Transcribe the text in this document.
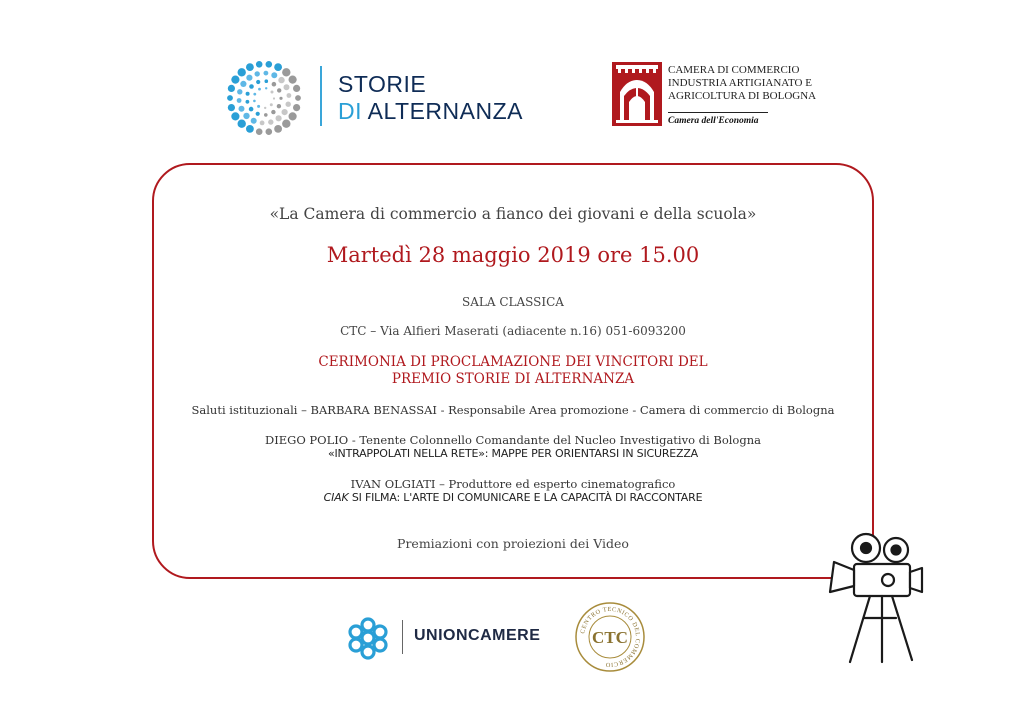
STORIE
DI ALTERNANZA
CAMERA DI COMMERCIO
INDUSTRIA ARTIGIANATO E
AGRICOLTURA DI BOLOGNA
Camera dell'Economia
«La Camera di commercio a fianco dei giovani e della scuola»
Martedì 28 maggio 2019 ore 15.00
SALA CLASSICA
CTC – Via Alfieri Maserati (adiacente n.16) 051-6093200
CERIMONIA DI PROCLAMAZIONE DEI VINCITORI DEL
PREMIO STORIE DI ALTERNANZA
Saluti istituzionali – BARBARA BENASSAI - Responsabile Area promozione - Camera di commercio di Bologna
DIEGO POLIO - Tenente Colonnello Comandante del Nucleo Investigativo di Bologna
«INTRAPPOLATI NELLA RETE»: MAPPE PER ORIENTARSI IN SICUREZZA
IVAN OLGIATI – Produttore ed esperto cinematografico
CIAK SI FILMA: L'ARTE DI COMUNICARE E LA CAPACITÀ DI RACCONTARE
Premiazioni con proiezioni dei Video
UNIONCAMERE	CENTRO TECNICO DEL COMMERCIO
CTC
